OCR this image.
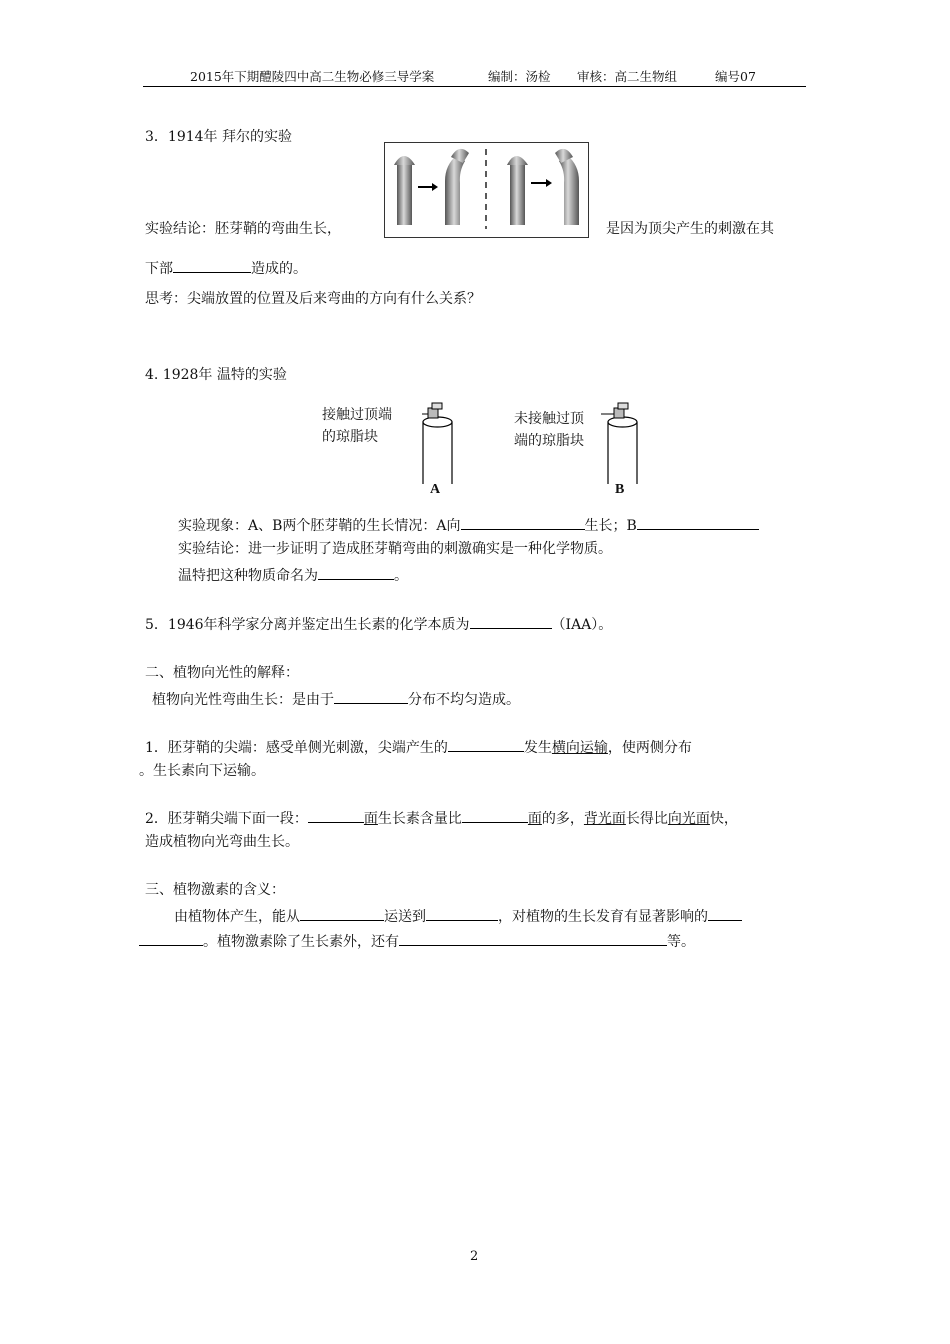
2015年下期醴陵四中高二生物必修三导学案	编制：汤检 审核：高二生物组	编号07
3．1914年 拜尔的实验
实验结论：胚芽鞘的弯曲生长，	是因为顶尖产生的刺激在其
下部	造成的。
思考：尖端放置的位置及后来弯曲的方向有什么关系？
4. 1928年 温特的实验
接触过顶端
的琼脂块
未接触过顶
端的琼脂块
A	B
实验现象：A、B两个胚芽鞘的生长情况：A向	生长；B
实验结论：进一步证明了造成胚芽鞘弯曲的刺激确实是一种化学物质。
温特把这种物质命名为	。
5．1946年科学家分离并鉴定出生长素的化学本质为	（IAA）。
二、植物向光性的解释：
植物向光性弯曲生长：是由于	分布不均匀造成。
1．胚芽鞘的尖端：感受单侧光刺激，尖端产生的	发生横向运输，使两侧分布
。生长素向下运输。
2．胚芽鞘尖端下面一段：	面生长素含量比	面的多，背光面长得比向光面快，
造成植物向光弯曲生长。
三、植物激素的含义：
由植物体产生，能从	运送到	，对植物的生长发育有显著影响的
。植物激素除了生长素外，还有	等。
2
